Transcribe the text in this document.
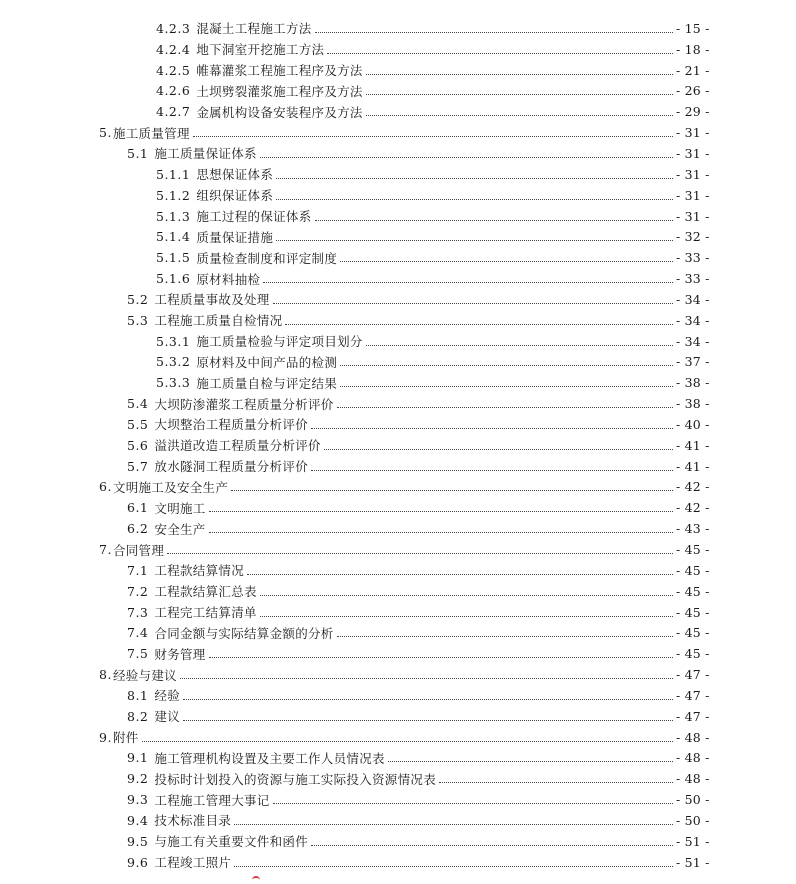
4.2.3 混凝土工程施工方法	- 15 -
4.2.4 地下洞室开挖施工方法	- 18 -
4.2.5 帷幕灌浆工程施工程序及方法	- 21 -
4.2.6 土坝劈裂灌浆施工程序及方法	- 26 -
4.2.7 金属机构设备安装程序及方法	- 29 -
5. 施工质量管理	- 31 -
5.1 施工质量保证体系	- 31 -
5.1.1 思想保证体系	- 31 -
5.1.2 组织保证体系	- 31 -
5.1.3 施工过程的保证体系	- 31 -
5.1.4 质量保证措施	- 32 -
5.1.5 质量检查制度和评定制度	- 33 -
5.1.6 原材料抽检	- 33 -
5.2 工程质量事故及处理	- 34 -
5.3 工程施工质量自检情况	- 34 -
5.3.1 施工质量检验与评定项目划分	- 34 -
5.3.2 原材料及中间产品的检测	- 37 -
5.3.3 施工质量自检与评定结果	- 38 -
5.4 大坝防渗灌浆工程质量分析评价	- 38 -
5.5 大坝整治工程质量分析评价	- 40 -
5.6 溢洪道改造工程质量分析评价	- 41 -
5.7 放水隧洞工程质量分析评价	- 41 -
6. 文明施工及安全生产	- 42 -
6.1 文明施工	- 42 -
6.2 安全生产	- 43 -
7. 合同管理	- 45 -
7.1 工程款结算情况	- 45 -
7.2 工程款结算汇总表	- 45 -
7.3 工程完工结算清单	- 45 -
7.4 合同金额与实际结算金额的分析	- 45 -
7.5 财务管理	- 45 -
8. 经验与建议	- 47 -
8.1 经验	- 47 -
8.2 建议	- 47 -
9. 附件	- 48 -
9.1 施工管理机构设置及主要工作人员情况表	- 48 -
9.2 投标时计划投入的资源与施工实际投入资源情况表	- 48 -
9.3 工程施工管理大事记	- 50 -
9.4 技术标准目录	- 50 -
9.5 与施工有关重要文件和函件	- 51 -
9.6 工程竣工照片	- 51 -
